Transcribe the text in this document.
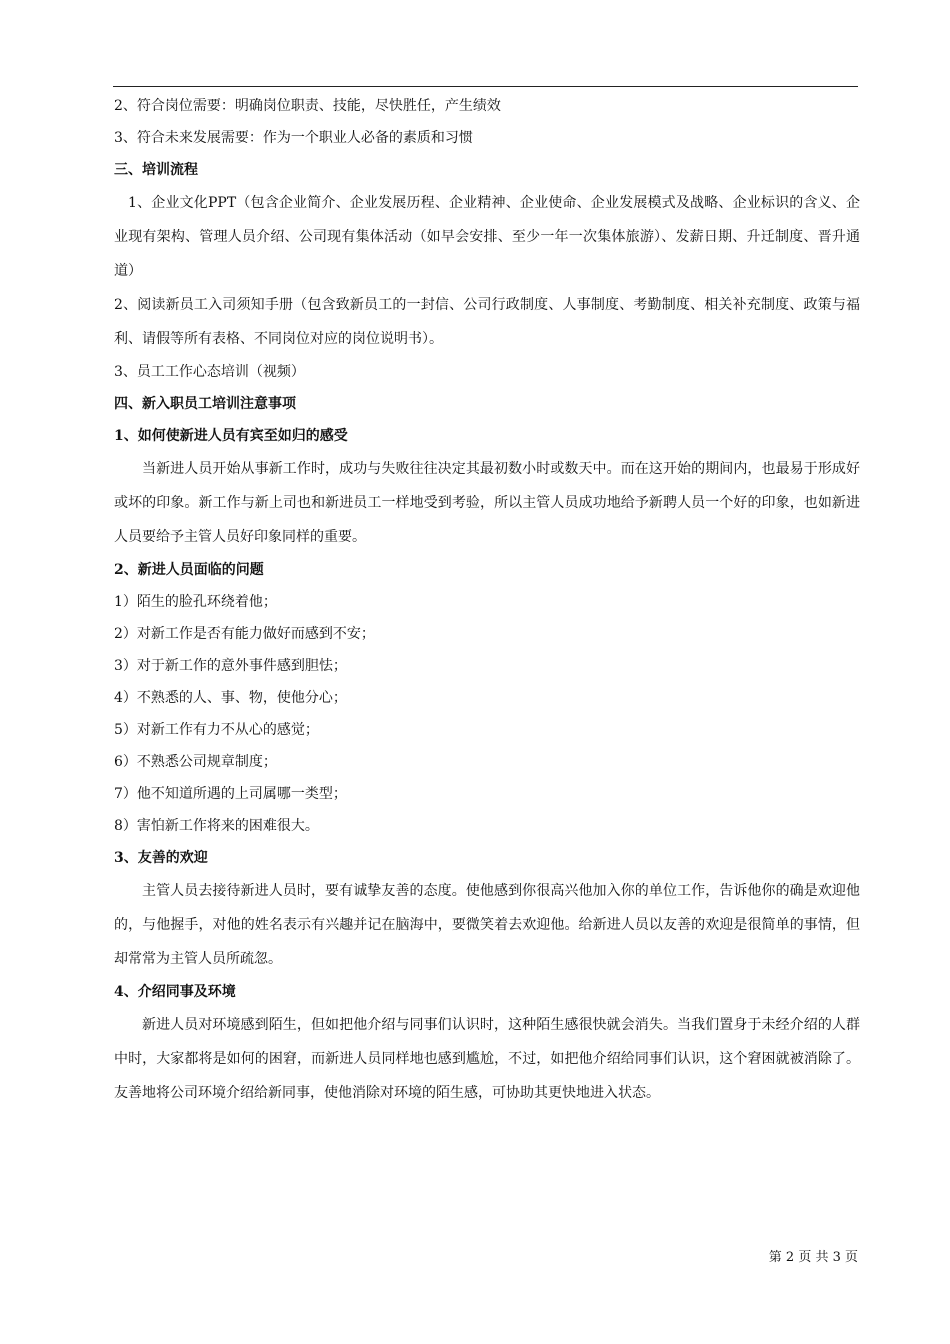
2、符合岗位需要：明确岗位职责、技能，尽快胜任，产生绩效
3、符合未来发展需要：作为一个职业人必备的素质和习惯
三、培训流程
1、企业文化PPT（包含企业简介、企业发展历程、企业精神、企业使命、企业发展模式及战略、企业标识的含义、企业现有架构、管理人员介绍、公司现有集体活动（如早会安排、至少一年一次集体旅游）、发薪日期、升迁制度、晋升通道）
2、阅读新员工入司须知手册（包含致新员工的一封信、公司行政制度、人事制度、考勤制度、相关补充制度、政策与福利、请假等所有表格、不同岗位对应的岗位说明书）。
3、员工工作心态培训（视频）
四、新入职员工培训注意事项
1、如何使新进人员有宾至如归的感受
当新进人员开始从事新工作时，成功与失败往往决定其最初数小时或数天中。而在这开始的期间内，也最易于形成好或坏的印象。新工作与新上司也和新进员工一样地受到考验，所以主管人员成功地给予新聘人员一个好的印象，也如新进人员要给予主管人员好印象同样的重要。
2、新进人员面临的问题
1）陌生的脸孔环绕着他；
2）对新工作是否有能力做好而感到不安；
3）对于新工作的意外事件感到胆怯；
4）不熟悉的人、事、物，使他分心；
5）对新工作有力不从心的感觉；
6）不熟悉公司规章制度；
7）他不知道所遇的上司属哪一类型；
8）害怕新工作将来的困难很大。
3、友善的欢迎
主管人员去接待新进人员时，要有诚挚友善的态度。使他感到你很高兴他加入你的单位工作，告诉他你的确是欢迎他的，与他握手，对他的姓名表示有兴趣并记在脑海中，要微笑着去欢迎他。给新进人员以友善的欢迎是很简单的事情，但却常常为主管人员所疏忽。
4、介绍同事及环境
新进人员对环境感到陌生，但如把他介绍与同事们认识时，这种陌生感很快就会消失。当我们置身于未经介绍的人群中时，大家都将是如何的困窘，而新进人员同样地也感到尴尬，不过，如把他介绍给同事们认识，这个窘困就被消除了。友善地将公司环境介绍给新同事，使他消除对环境的陌生感，可协助其更快地进入状态。
第 2 页 共 3 页
